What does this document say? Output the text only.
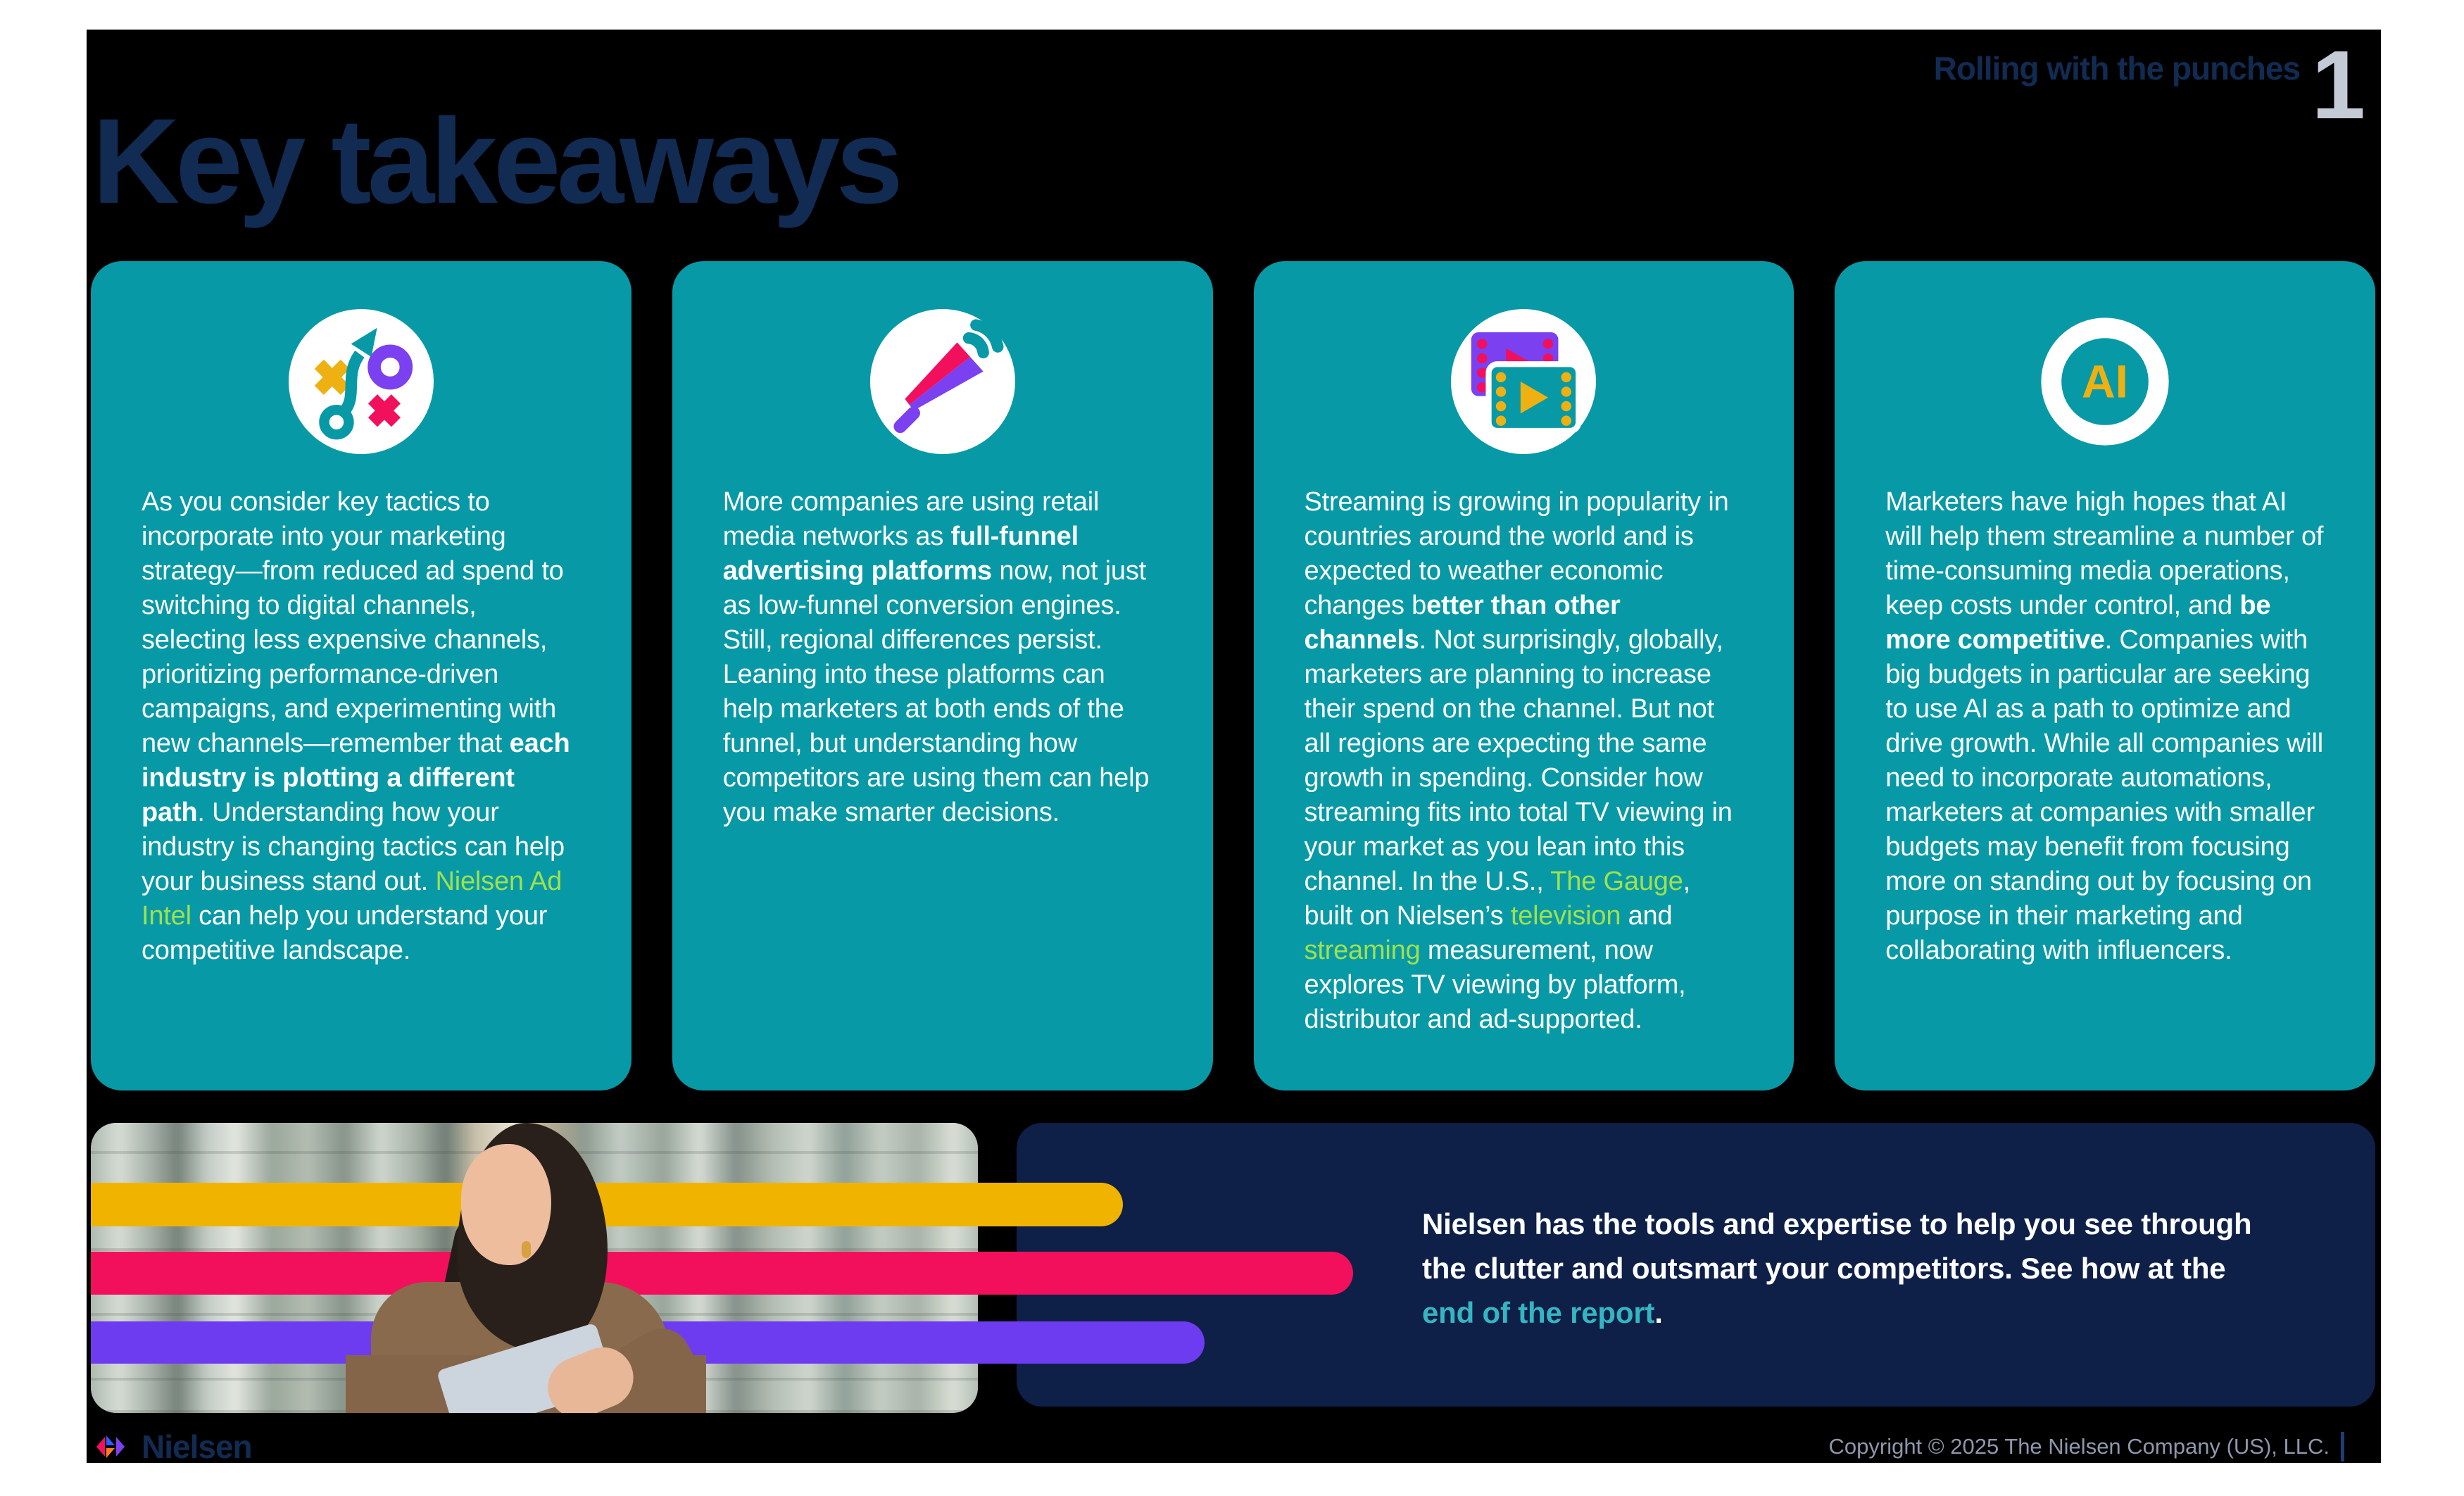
Rolling with the punches 1
Key takeaways

As you consider key tactics to incorporate into your marketing strategy—from reduced ad spend to switching to digital channels, selecting less expensive channels, prioritizing performance-driven campaigns, and experimenting with new channels—remember that each industry is plotting a different path. Understanding how your industry is changing tactics can help your business stand out. Nielsen Ad Intel can help you understand your competitive landscape.

More companies are using retail media networks as full-funnel advertising platforms now, not just as low-funnel conversion engines. Still, regional differences persist. Leaning into these platforms can help marketers at both ends of the funnel, but understanding how competitors are using them can help you make smarter decisions.

Streaming is growing in popularity in countries around the world and is expected to weather economic changes better than other channels. Not surprisingly, globally, marketers are planning to increase their spend on the channel. But not all regions are expecting the same growth in spending. Consider how streaming fits into total TV viewing in your market as you lean into this channel. In the U.S., The Gauge, built on Nielsen’s television and streaming measurement, now explores TV viewing by platform, distributor and ad-supported.

AI

Marketers have high hopes that AI will help them streamline a number of time-consuming media operations, keep costs under control, and be more competitive. Companies with big budgets in particular are seeking to use AI as a path to optimize and drive growth. While all companies will need to incorporate automations, marketers at companies with smaller budgets may benefit from focusing more on standing out by focusing on purpose in their marketing and collaborating with influencers.

Nielsen has the tools and expertise to help you see through
the clutter and outsmart your competitors. See how at the
end of the report.
Nielsen	Copyright © 2025 The Nielsen Company (US), LLC.
